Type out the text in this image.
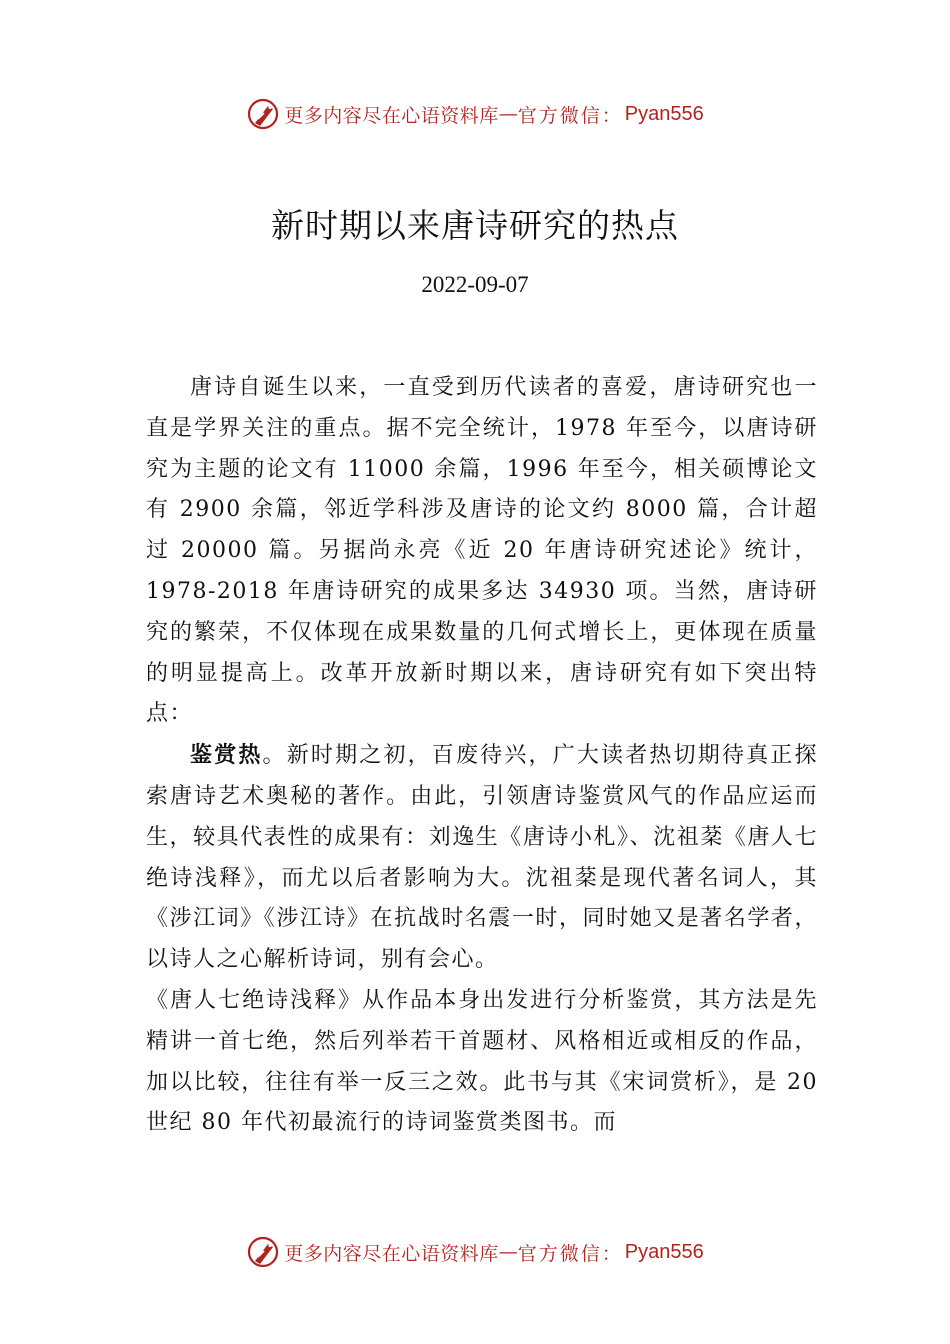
更多内容尽在心语资料库 — 官方微信： Pyan556
新时期以来唐诗研究的热点
2022-09-07

唐诗自诞生以来，一直受到历代读者的喜爱，唐诗研究也一直是学界关注的重点。据不完全统计，1978 年至今，以唐诗研究为主题的论文有 11000 余篇，1996 年至今，相关硕博论文有 2900 余篇，邻近学科涉及唐诗的论文约 8000 篇，合计超过 20000 篇。另据尚永亮《近 20 年唐诗研究述论》统计，1978-2018 年唐诗研究的成果多达 34930 项。当然，唐诗研究的繁荣，不仅体现在成果数量的几何式增长上，更体现在质量的明显提高上。改革开放新时期以来，唐诗研究有如下突出特点：

鉴赏热。新时期之初，百废待兴，广大读者热切期待真正探索唐诗艺术奥秘的著作。由此，引领唐诗鉴赏风气的作品应运而生，较具代表性的成果有：刘逸生《唐诗小札》、沈祖棻《唐人七绝诗浅释》，而尤以后者影响为大。沈祖棻是现代著名词人，其《涉江词》《涉江诗》在抗战时名震一时，同时她又是著名学者，以诗人之心解析诗词，别有会心。

《唐人七绝诗浅释》从作品本身出发进行分析鉴赏，其方法是先精讲一首七绝，然后列举若干首题材、风格相近或相反的作品，加以比较，往往有举一反三之效。此书与其《宋词赏析》，是 20 世纪 80 年代初最流行的诗词鉴赏类图书。而

更多内容尽在心语资料库 — 官方微信： Pyan556
